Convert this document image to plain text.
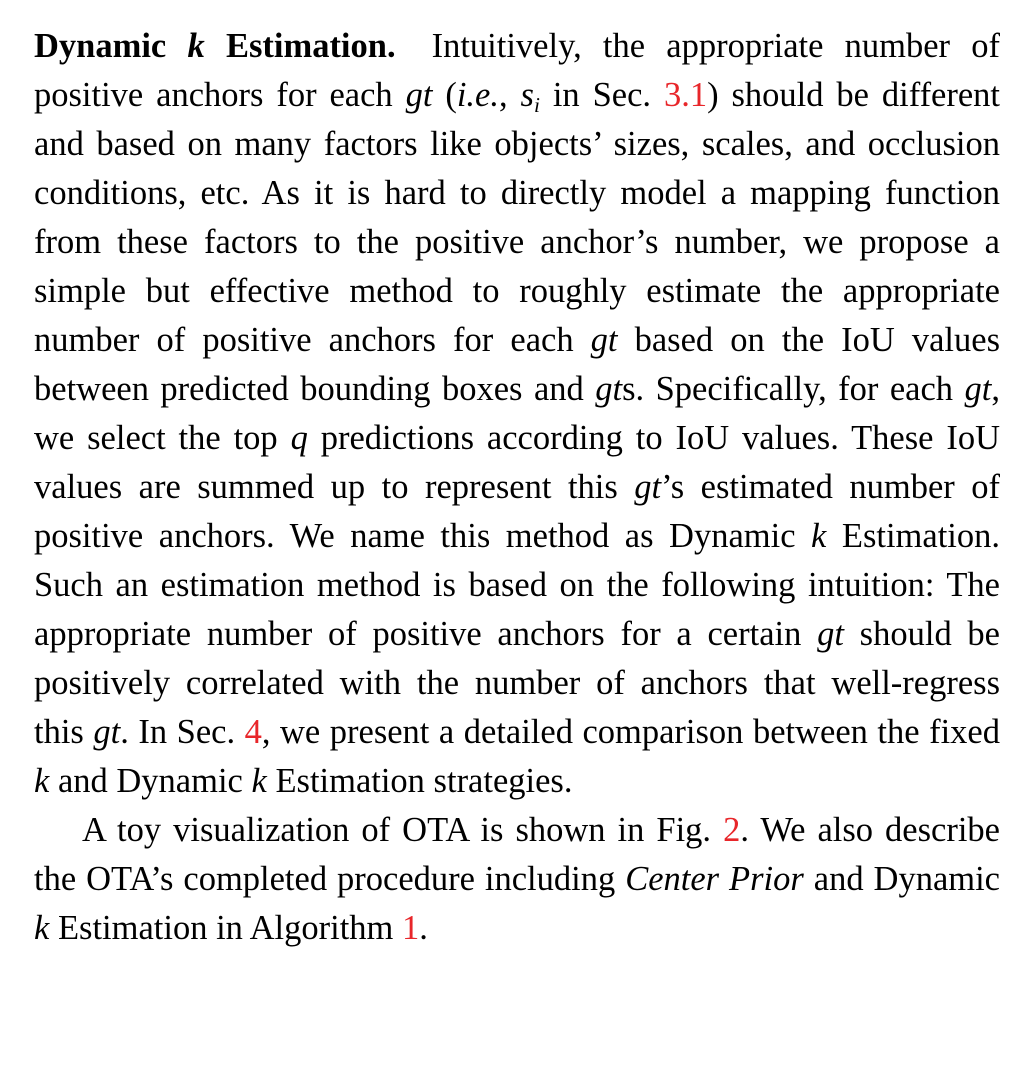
Dynamic k Estimation. Intuitively, the appropriate number of positive anchors for each gt (i.e., $s_i$ in Sec. 3.1) should be different and based on many factors like objects’ sizes, scales, and occlusion conditions, etc. As it is hard to directly model a mapping function from these factors to the positive anchor’s number, we propose a simple but effective method to roughly estimate the appropriate number of positive anchors for each gt based on the IoU values between predicted bounding boxes and gts. Specifically, for each gt, we select the top q predictions according to IoU values. These IoU values are summed up to represent this gt’s estimated number of positive anchors. We name this method as Dynamic k Estimation. Such an estimation method is based on the following intuition: The appropriate number of positive anchors for a certain gt should be positively correlated with the number of anchors that well-regress this gt. In Sec. 4, we present a detailed comparison between the fixed k and Dynamic k Estimation strategies.

A toy visualization of OTA is shown in Fig. 2. We also describe the OTA’s completed procedure including Center Prior and Dynamic k Estimation in Algorithm 1.
